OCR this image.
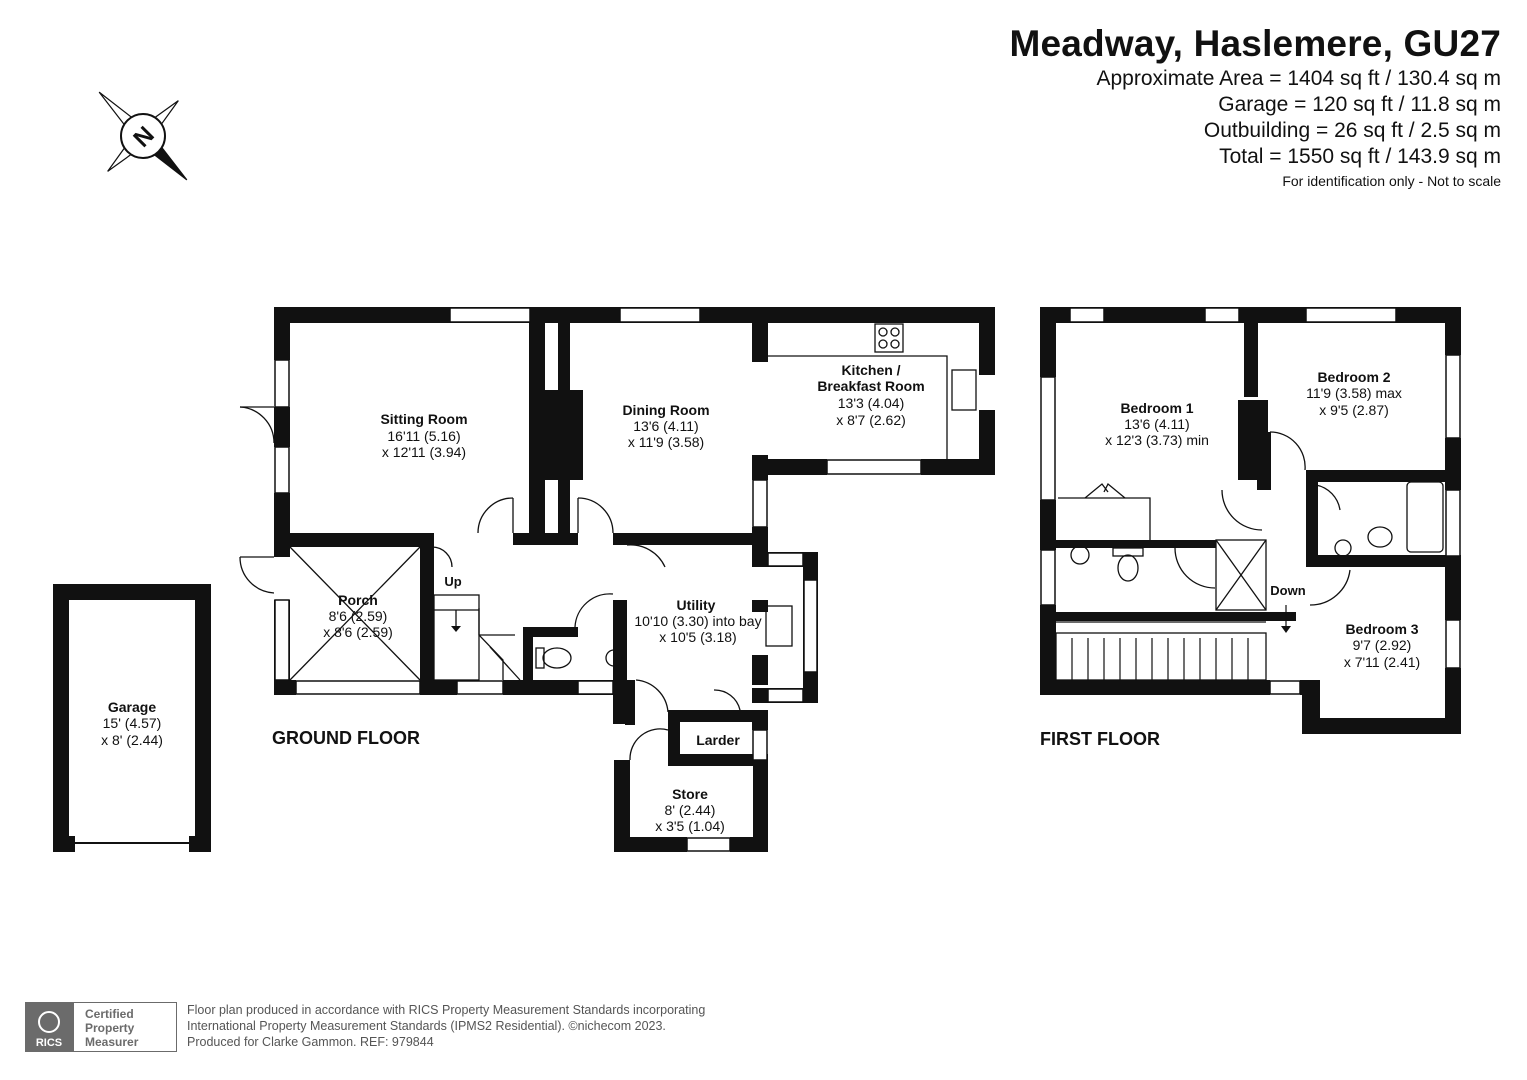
Meadway, Haslemere, GU27
Approximate Area = 1404 sq ft / 130.4 sq m
Garage = 120 sq ft / 11.8 sq m
Outbuilding = 26 sq ft / 2.5 sq m
Total = 1550 sq ft / 143.9 sq m
For identification only - Not to scale
N
Sitting Room
16'11 (5.16)
x 12'11 (3.94)
Dining Room
13'6 (4.11)
x 11'9 (3.58)
Kitchen /
Breakfast Room
13'3 (4.04)
x 8'7 (2.62)
Porch
8'6 (2.59)
x 8'6 (2.59)
Up
Utility
10'10 (3.30) into bay
x 10'5 (3.18)
Larder
Store
8' (2.44)
x 3'5 (1.04)
Garage
15' (4.57)
x 8' (2.44)
Bedroom 1
13'6 (4.11)
x 12'3 (3.73) min
Bedroom 2
11'9 (3.58) max
x 9'5 (2.87)
Bedroom 3
9'7 (2.92)
x 7'11 (2.41)
Down
GROUND FLOOR	FIRST FLOOR
RICS
Certified
Property
Measurer
Floor plan produced in accordance with RICS Property Measurement Standards incorporating
International Property Measurement Standards (IPMS2 Residential). ©nichecom 2023.
Produced for Clarke Gammon. REF: 979844
